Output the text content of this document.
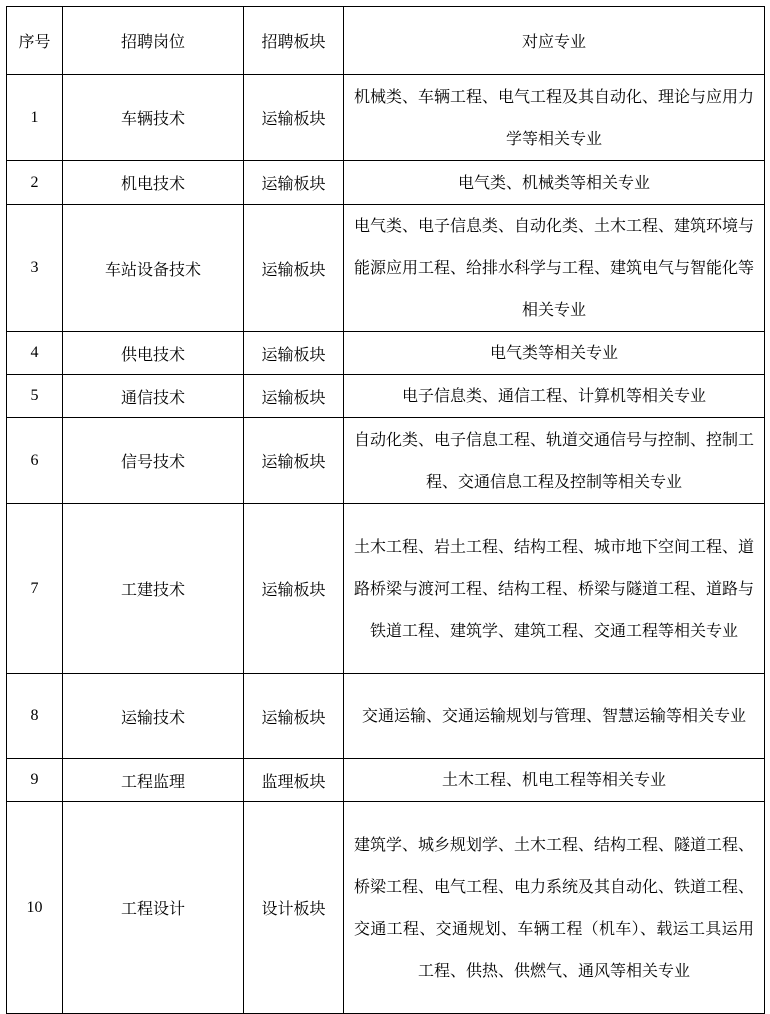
序号	招聘岗位	招聘板块	对应专业
1	车辆技术	运输板块	机械类、车辆工程、电气工程及其自动化、理论与应用力学等相关专业
2	机电技术	运输板块	电气类、机械类等相关专业
3	车站设备技术	运输板块	电气类、电子信息类、自动化类、土木工程、建筑环境与能源应用工程、给排水科学与工程、建筑电气与智能化等相关专业
4	供电技术	运输板块	电气类等相关专业
5	通信技术	运输板块	电子信息类、通信工程、计算机等相关专业
6	信号技术	运输板块	自动化类、电子信息工程、轨道交通信号与控制、控制工程、交通信息工程及控制等相关专业
7	工建技术	运输板块	土木工程、岩土工程、结构工程、城市地下空间工程、道路桥梁与渡河工程、结构工程、桥梁与隧道工程、道路与铁道工程、建筑学、建筑工程、交通工程等相关专业
8	运输技术	运输板块	交通运输、交通运输规划与管理、智慧运输等相关专业
9	工程监理	监理板块	土木工程、机电工程等相关专业
10	工程设计	设计板块	建筑学、城乡规划学、土木工程、结构工程、隧道工程、桥梁工程、电气工程、电力系统及其自动化、铁道工程、交通工程、交通规划、车辆工程（机车）、载运工具运用工程、供热、供燃气、通风等相关专业
